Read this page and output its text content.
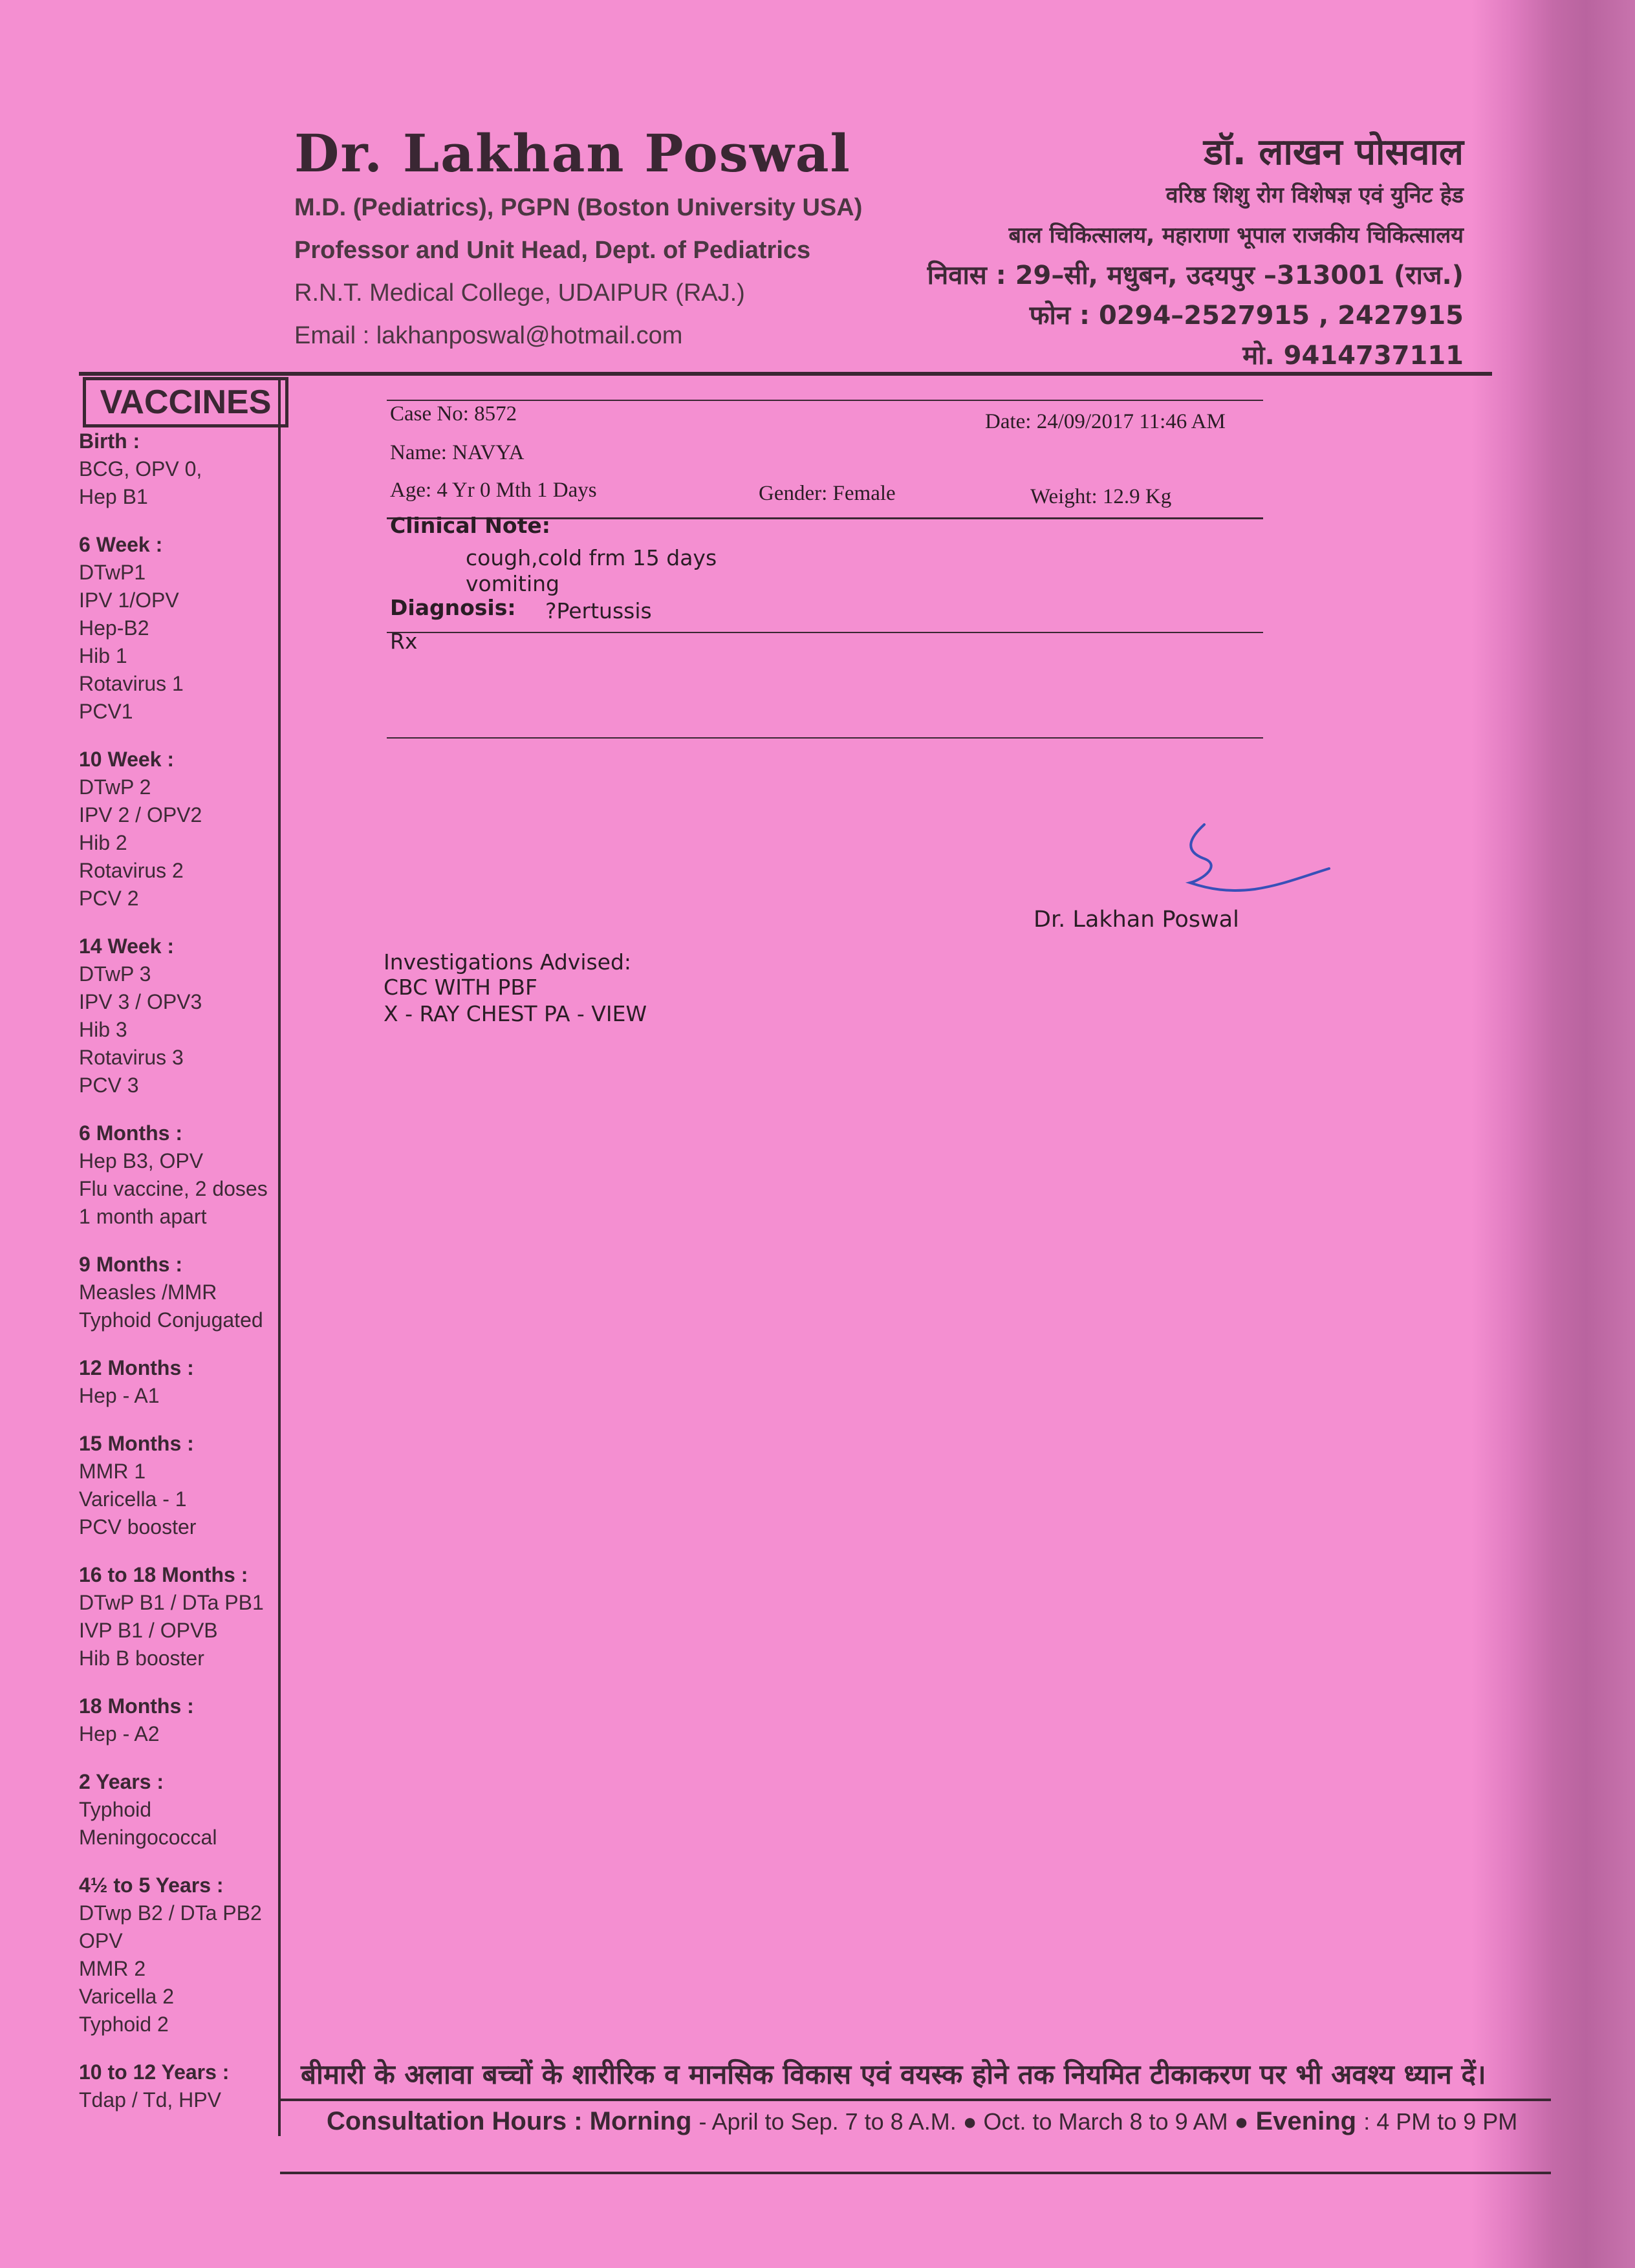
Dr. Lakhan Poswal
M.D. (Pediatrics), PGPN (Boston University USA)
Professor and Unit Head, Dept. of Pediatrics
R.N.T. Medical College, UDAIPUR (RAJ.)
Email : lakhanposwal@hotmail.com
डॉ. लाखन पोसवाल
वरिष्ठ शिशु रोग विशेषज्ञ एवं युनिट हेड
बाल चिकित्सालय, महाराणा भूपाल राजकीय चिकित्सालय
निवास : 29–सी, मधुबन, उदयपुर –313001 (राज.)
फोन : 0294–2527915 , 2427915
मो. 9414737111
VACCINES
Birth :
BCG, OPV 0,
Hep B1
6 Week :
DTwP1
IPV 1/OPV
Hep-B2
Hib 1
Rotavirus 1
PCV1
10 Week :
DTwP 2
IPV 2 / OPV2
Hib 2
Rotavirus 2
PCV 2
14 Week :
DTwP 3
IPV 3 / OPV3
Hib 3
Rotavirus 3
PCV 3
6 Months :
Hep B3, OPV
Flu vaccine, 2 doses
1 month apart
9 Months :
Measles /MMR
Typhoid Conjugated
12 Months :
Hep - A1
15 Months :
MMR 1
Varicella - 1
PCV booster
16 to 18 Months :
DTwP B1 / DTa PB1
IVP B1 / OPVB
Hib B booster
18 Months :
Hep - A2
2 Years :
Typhoid
Meningococcal
4½ to 5 Years :
DTwp B2 / DTa PB2
OPV
MMR 2
Varicella 2
Typhoid 2
10 to 12 Years :
Tdap / Td, HPV
Case No: 8572	Date: 24/09/2017 11:46 AM
Name: NAVYA
Age: 4 Yr 0 Mth 1 Days	Gender: Female	Weight: 12.9 Kg
Clinical Note:
cough,cold frm 15 days
vomiting
Diagnosis: ?Pertussis
Rx
Dr. Lakhan Poswal
Investigations Advised:
CBC WITH PBF
X - RAY CHEST PA - VIEW
बीमारी के अलावा बच्चों के शारीरिक व मानसिक विकास एवं वयस्क होने तक नियमित टीकाकरण पर भी अवश्य ध्यान दें।
Consultation Hours : Morning - April to Sep. 7 to 8 A.M. ● Oct. to March 8 to 9 AM ● Evening : 4 PM to 9 PM
